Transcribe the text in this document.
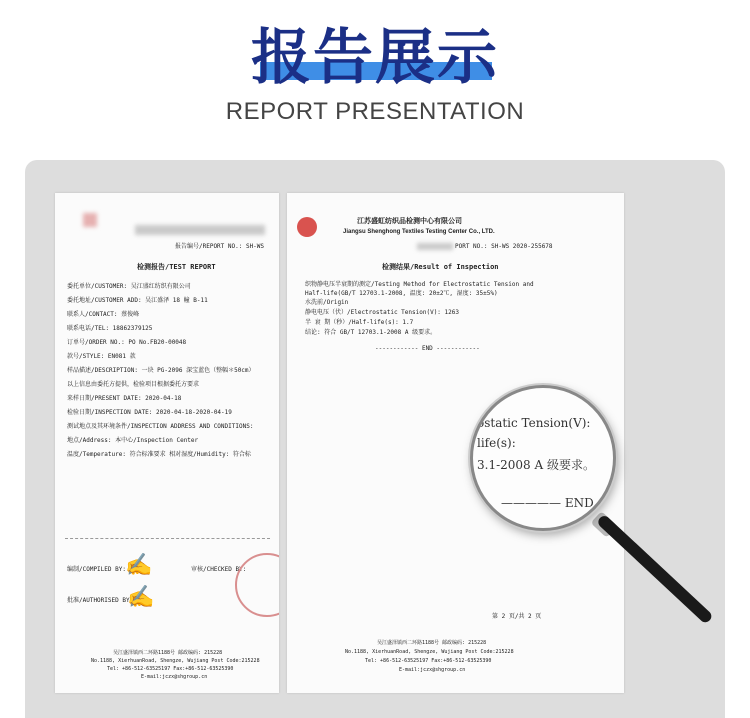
报告展示
REPORT PRESENTATION
报告编号/REPORT NO.: SH-WS
检测报告/TEST REPORT
委托单位/CUSTOMER: 吴江盛红纺织有限公司
委托地址/CUSTOMER ADD: 吴江盛泽 18 幢 B-11
联系人/CONTACT: 蔡俊峰
联系电话/TEL: 18862379125
订单号/ORDER NO.: PO No.FB20-00048
款号/STYLE: EN081 款
样品描述/DESCRIPTION: 一块 PG-2096 深宝蓝色（整幅＊50cm）
以上信息由委托方提供，检验项目根据委托方要求
来样日期/PRESENT DATE: 2020-04-18
检验日期/INSPECTION DATE: 2020-04-18-2020-04-19
测试地点及其环境条件/INSPECTION ADDRESS AND CONDITIONS:
地点/Address: 本中心/Inspection Center
温度/Temperature: 符合标准要求 相对湿度/Humidity: 符合标
编制/COMPILED BY:	审核/CHECKED BY:
批准/AUTHORISED BY:
✍
✍
吴江盛泽镇西二环路1188号 邮政编码: 215228
No.1188, XierhuanRoad, Shengze, Wujiang Post Code:215228
Tel: +86-512-63525197 Fax:+86-512-63525390
E-mail:jczx@shgroup.cn
江苏盛虹纺织品检测中心有限公司
Jiangsu Shenghong Textiles Testing Center Co., LTD.
PORT NO.: SH-WS 2020-255678
检测结果/Result of Inspection
织物静电压半衰期的测定/Testing Method for Electrostatic Tension and
Half-life(GB/T 12703.1-2008, 温度: 20±2℃, 湿度: 35±5%)
水洗前/Origin
静电电压（伏）/Electrostatic Tension(V): 1263
半 衰 期（秒）/Half-life(s): 1.7
结论: 符合 GB/T 12703.1-2008 A 级要求。
------------ END ------------
第 2 页/共 2 页
吴江盛泽镇西二环路1188号 邮政编码: 215228
No.1188, XierhuanRoad, Shengze, Wujiang Post Code:215228
Tel: +86-512-63525197 Fax:+86-512-63525390
E-mail:jczx@shgroup.cn
ostatic Tension(V):
life(s):
3.1-2008 A 级要求。
————— END
